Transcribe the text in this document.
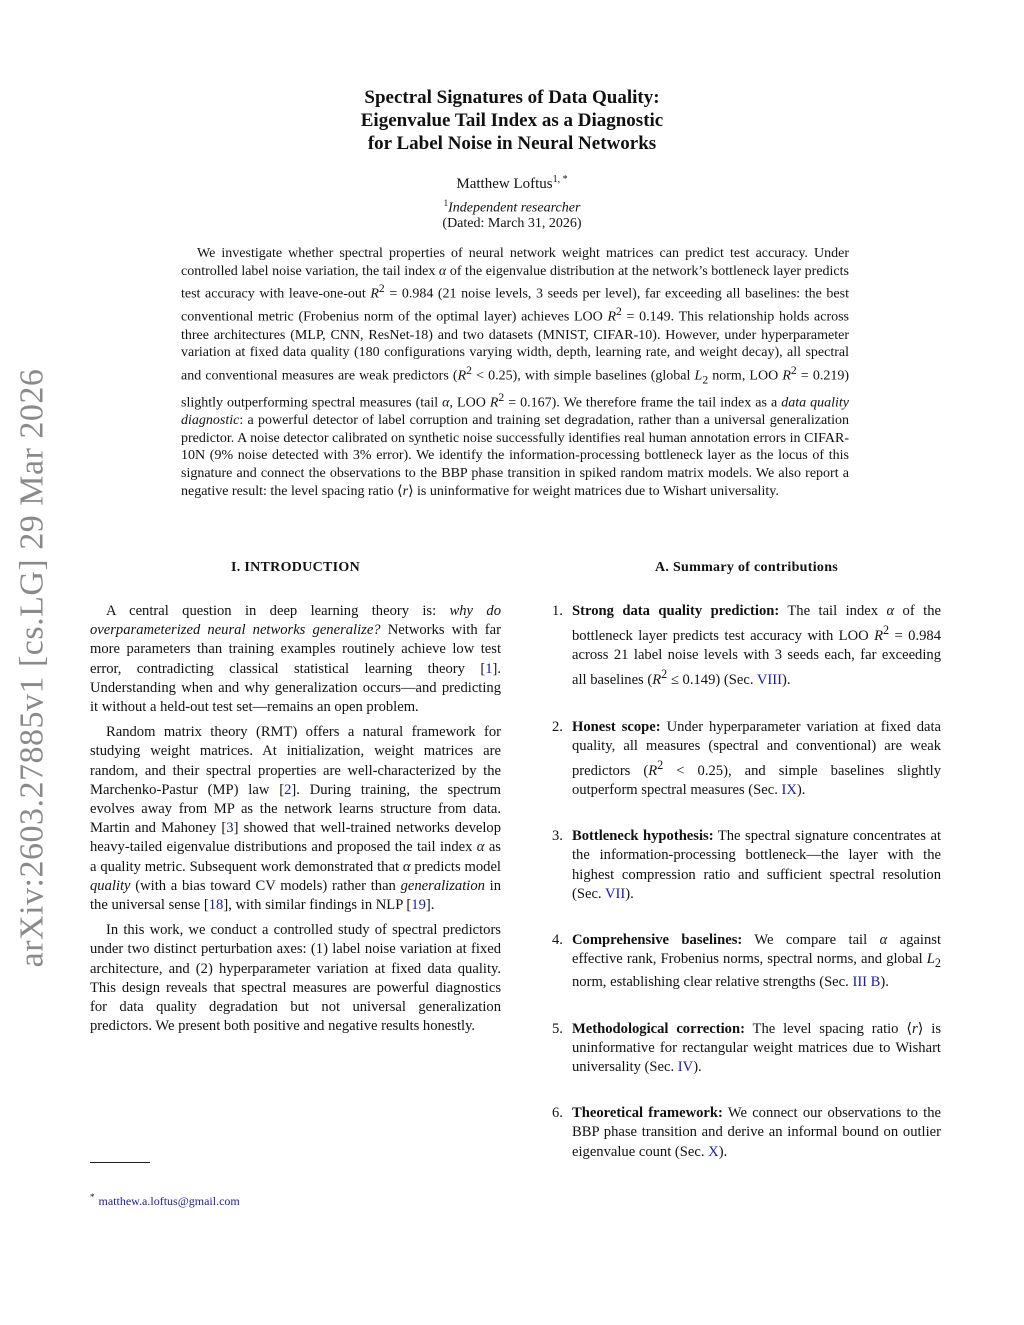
arXiv:2603.27885v1 [cs.LG] 29 Mar 2026
Spectral Signatures of Data Quality:
Eigenvalue Tail Index as a Diagnostic
for Label Noise in Neural Networks
Matthew Loftus$^{1, *}$
$^1$Independent researcher
(Dated: March 31, 2026)

We investigate whether spectral properties of neural network weight matrices can predict test accuracy. Under controlled label noise variation, the tail index α of the eigenvalue distribution at the network’s bottleneck layer predicts test accuracy with leave-one-out $R^2 = 0.984$ (21 noise levels, 3 seeds per level), far exceeding all baselines: the best conventional metric (Frobenius norm of the optimal layer) achieves LOO $R^2 = 0.149$. This relationship holds across three architectures (MLP, CNN, ResNet-18) and two datasets (MNIST, CIFAR-10). However, under hyperparameter variation at fixed data quality (180 configurations varying width, depth, learning rate, and weight decay), all spectral and conventional measures are weak predictors $(R^2 < 0.25)$, with simple baselines (global $L_2$ norm, LOO $R^2 = 0.219$) slightly outperforming spectral measures (tail α, LOO $R^2 = 0.167$). We therefore frame the tail index as a data quality diagnostic: a powerful detector of label corruption and training set degradation, rather than a universal generalization predictor. A noise detector calibrated on synthetic noise successfully identifies real human annotation errors in CIFAR-10N (9% noise detected with 3% error). We identify the information-processing bottleneck layer as the locus of this signature and connect the observations to the BBP phase transition in spiked random matrix models. We also report a negative result: the level spacing ratio ⟨r⟩ is uninformative for weight matrices due to Wishart universality.

I. INTRODUCTION

A central question in deep learning theory is: why do overparameterized neural networks generalize? Networks with far more parameters than training examples routinely achieve low test error, contradicting classical statistical learning theory [1]. Understanding when and why generalization occurs—and predicting it without a held-out test set—remains an open problem.

Random matrix theory (RMT) offers a natural framework for studying weight matrices. At initialization, weight matrices are random, and their spectral properties are well-characterized by the Marchenko-Pastur (MP) law [2]. During training, the spectrum evolves away from MP as the network learns structure from data. Martin and Mahoney [3] showed that well-trained networks develop heavy-tailed eigenvalue distributions and proposed the tail index α as a quality metric. Subsequent work demonstrated that α predicts model quality (with a bias toward CV models) rather than generalization in the universal sense [18], with similar findings in NLP [19].

In this work, we conduct a controlled study of spectral predictors under two distinct perturbation axes: (1) label noise variation at fixed architecture, and (2) hyperparameter variation at fixed data quality. This design reveals that spectral measures are powerful diagnostics for data quality degradation but not universal generalization predictors. We present both positive and negative results honestly.

A. Summary of contributions
1. Strong data quality prediction: The tail index α of the bottleneck layer predicts test accuracy with LOO $R^2 = 0.984$ across 21 label noise levels with 3 seeds each, far exceeding all baselines $(R^2 \le 0.149)$ (Sec. VIII).
2. Honest scope: Under hyperparameter variation at fixed data quality, all measures (spectral and conventional) are weak predictors $(R^2 < 0.25)$, and simple baselines slightly outperform spectral measures (Sec. IX).
3. Bottleneck hypothesis: The spectral signature concentrates at the information-processing bottleneck—the layer with the highest compression ratio and sufficient spectral resolution (Sec. VII).
4. Comprehensive baselines: We compare tail α against effective rank, Frobenius norms, spectral norms, and global $L_2$ norm, establishing clear relative strengths (Sec. III B).
5. Methodological correction: The level spacing ratio ⟨r⟩ is uninformative for rectangular weight matrices due to Wishart universality (Sec. IV).
6. Theoretical framework: We connect our observations to the BBP phase transition and derive an informal bound on outlier eigenvalue count (Sec. X).
* matthew.a.loftus@gmail.com
